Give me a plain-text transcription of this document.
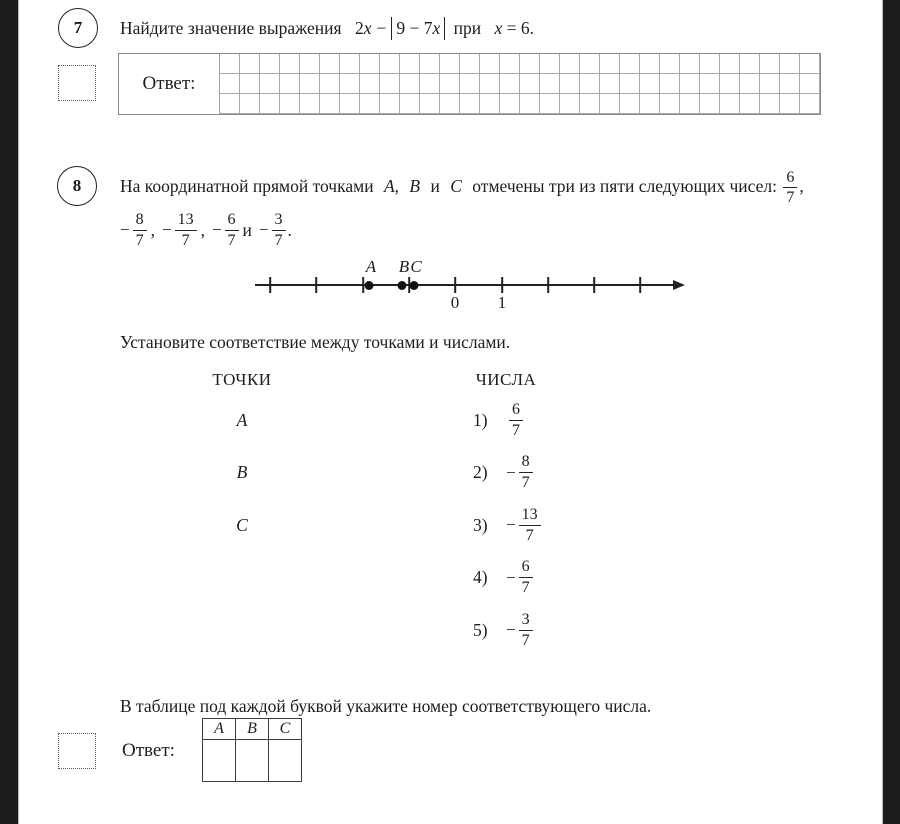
7 Найдите значение выражения 2x − 9 − 7x при x = 6.
Ответ:
8 На координатной прямой точками A, B и C отмечены три из пяти следующих чисел: $\frac{6}{7}$ ,
− $\frac{8}{7}$ , − $\frac{13}{7}$ , − $\frac{6}{7}$ $и - \frac{3}{7}$ .
0 1
A B C
Установите соответствие между точками и числами.
ТОЧКИ	ЧИСЛА
A
B
C
1)	$\frac{6}{7}$
2)	− $\frac{8}{7}$
3)	− $\frac{13}{7}$
4)	− $\frac{6}{7}$
5)	− $\frac{3}{7}$
В таблице под каждой буквой укажите номер соответствующего числа.
Ответ:
A	B	C
